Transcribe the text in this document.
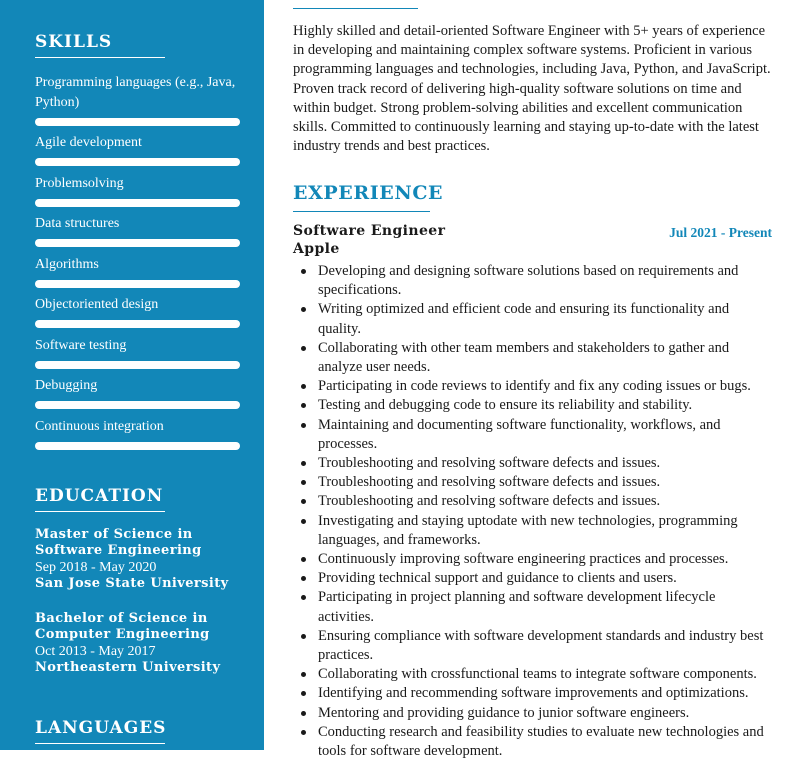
SKILLS
Programming languages (e.g., Java, Python)
Agile development
Problemsolving
Data structures
Algorithms
Objectoriented design
Software testing
Debugging
Continuous integration
EDUCATION
Master of Science in Software Engineering
Sep 2018 - May 2020
San Jose State University
Bachelor of Science in Computer Engineering
Oct 2013 - May 2017
Northeastern University
LANGUAGES

Highly skilled and detail-oriented Software Engineer with 5+ years of experience in developing and maintaining complex software systems. Proficient in various programming languages and technologies, including Java, Python, and JavaScript. Proven track record of delivering high-quality software solutions on time and within budget. Strong problem-solving abilities and excellent communication skills. Committed to continuously learning and staying up-to-date with the latest industry trends and best practices.

EXPERIENCE
Software Engineer	Jul 2021 - Present
Apple
Developing and designing software solutions based on requirements and specifications.
Writing optimized and efficient code and ensuring its functionality and quality.
Collaborating with other team members and stakeholders to gather and analyze user needs.
Participating in code reviews to identify and fix any coding issues or bugs.
Testing and debugging code to ensure its reliability and stability.
Maintaining and documenting software functionality, workflows, and processes.
Troubleshooting and resolving software defects and issues.
Troubleshooting and resolving software defects and issues.
Troubleshooting and resolving software defects and issues.
Investigating and staying uptodate with new technologies, programming languages, and frameworks.
Continuously improving software engineering practices and processes.
Providing technical support and guidance to clients and users.
Participating in project planning and software development lifecycle activities.
Ensuring compliance with software development standards and industry best practices.
Collaborating with crossfunctional teams to integrate software components.
Identifying and recommending software improvements and optimizations.
Mentoring and providing guidance to junior software engineers.
Conducting research and feasibility studies to evaluate new technologies and tools for software development.
